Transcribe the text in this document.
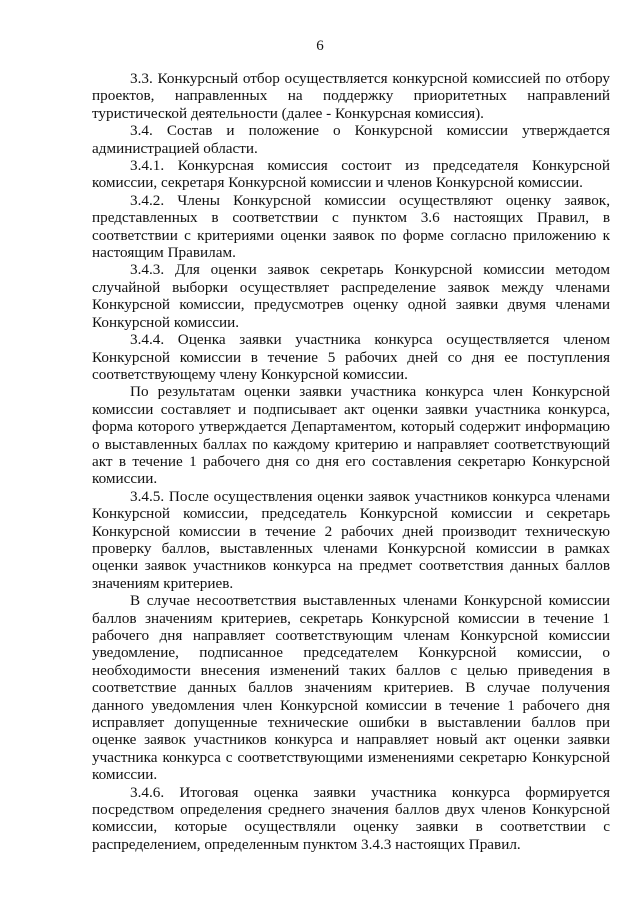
6

3.3. Конкурсный отбор осуществляется конкурсной комиссией по отбору проектов, направленных на поддержку приоритетных направлений туристической деятельности (далее - Конкурсная комиссия).

3.4. Состав и положение о Конкурсной комиссии утверждается администрацией области.

3.4.1. Конкурсная комиссия состоит из председателя Конкурсной комиссии, секретаря Конкурсной комиссии и членов Конкурсной комиссии.

3.4.2. Члены Конкурсной комиссии осуществляют оценку заявок, представленных в соответствии с пунктом 3.6 настоящих Правил, в соответствии с критериями оценки заявок по форме согласно приложению к настоящим Правилам.

3.4.3. Для оценки заявок секретарь Конкурсной комиссии методом случайной выборки осуществляет распределение заявок между членами Конкурсной комиссии, предусмотрев оценку одной заявки двумя членами Конкурсной комиссии.

3.4.4. Оценка заявки участника конкурса осуществляется членом Конкурсной комиссии в течение 5 рабочих дней со дня ее поступления соответствующему члену Конкурсной комиссии.

По результатам оценки заявки участника конкурса член Конкурсной комиссии составляет и подписывает акт оценки заявки участника конкурса, форма которого утверждается Департаментом, который содержит информацию о выставленных баллах по каждому критерию и направляет соответствующий акт в течение 1 рабочего дня со дня его составления секретарю Конкурсной комиссии.

3.4.5. После осуществления оценки заявок участников конкурса членами Конкурсной комиссии, председатель Конкурсной комиссии и секретарь Конкурсной комиссии в течение 2 рабочих дней производит техническую проверку баллов, выставленных членами Конкурсной комиссии в рамках оценки заявок участников конкурса на предмет соответствия данных баллов значениям критериев.

В случае несоответствия выставленных членами Конкурсной комиссии баллов значениям критериев, секретарь Конкурсной комиссии в течение 1 рабочего дня направляет соответствующим членам Конкурсной комиссии уведомление, подписанное председателем Конкурсной комиссии, о необходимости внесения изменений таких баллов с целью приведения в соответствие данных баллов значениям критериев. В случае получения данного уведомления член Конкурсной комиссии в течение 1 рабочего дня исправляет допущенные технические ошибки в выставлении баллов при оценке заявок участников конкурса и направляет новый акт оценки заявки участника конкурса с соответствующими изменениями секретарю Конкурсной комиссии.

3.4.6. Итоговая оценка заявки участника конкурса формируется посредством определения среднего значения баллов двух членов Конкурсной комиссии, которые осуществляли оценку заявки в соответствии с распределением, определенным пунктом 3.4.3 настоящих Правил.
